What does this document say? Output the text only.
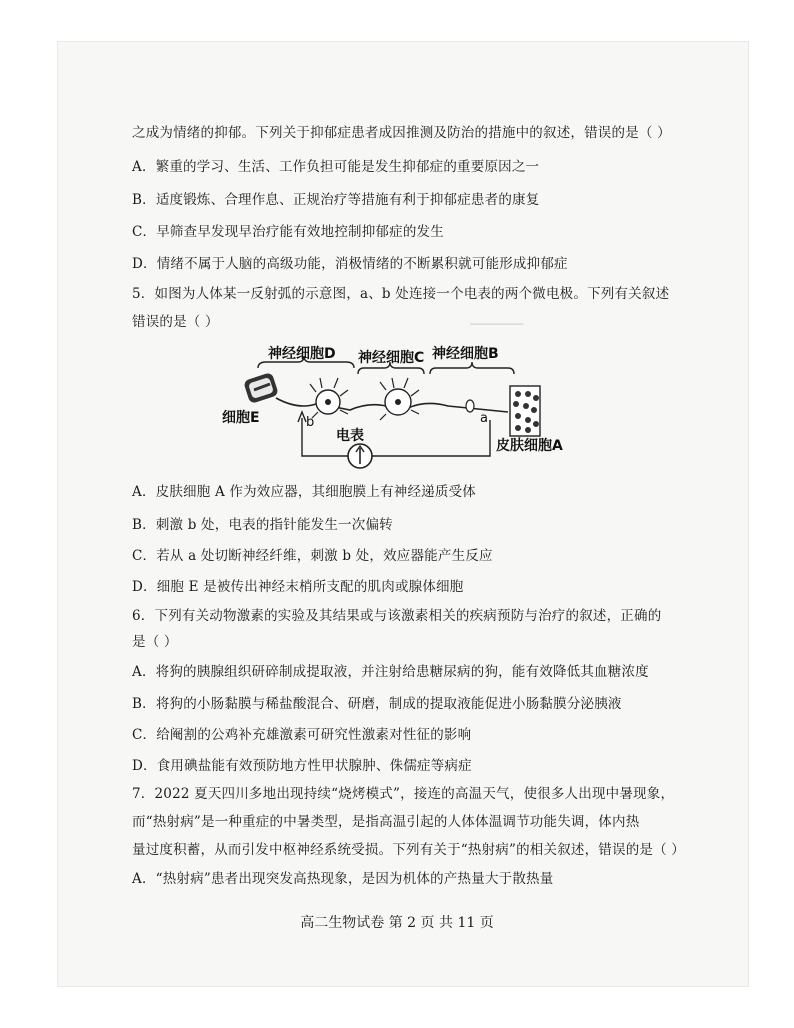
────────
之成为情绪的抑郁。下列关于抑郁症患者成因推测及防治的措施中的叙述，错误的是（ ）
A．繁重的学习、生活、工作负担可能是发生抑郁症的重要原因之一
B．适度锻炼、合理作息、正规治疗等措施有利于抑郁症患者的康复
C．早筛查早发现早治疗能有效地控制抑郁症的发生
D．情绪不属于人脑的高级功能，消极情绪的不断累积就可能形成抑郁症
5．如图为人体某一反射弧的示意图，a、b 处连接一个电表的两个微电极。下列有关叙述
错误的是（ ）
神经细胞D 神经细胞C 神经细胞B
细胞E
皮肤细胞A
b	a
电表
A．皮肤细胞 A 作为效应器，其细胞膜上有神经递质受体
B．刺激 b 处，电表的指针能发生一次偏转
C．若从 a 处切断神经纤维，刺激 b 处，效应器能产生反应
D．细胞 E 是被传出神经末梢所支配的肌肉或腺体细胞
6．下列有关动物激素的实验及其结果或与该激素相关的疾病预防与治疗的叙述，正确的
是（ ）
A．将狗的胰腺组织研碎制成提取液，并注射给患糖尿病的狗，能有效降低其血糖浓度
B．将狗的小肠黏膜与稀盐酸混合、研磨，制成的提取液能促进小肠黏膜分泌胰液
C．给阉割的公鸡补充雄激素可研究性激素对性征的影响
D．食用碘盐能有效预防地方性甲状腺肿、侏儒症等病症
7．2022 夏天四川多地出现持续“烧烤模式”，接连的高温天气，使很多人出现中暑现象，
而“热射病”是一种重症的中暑类型，是指高温引起的人体体温调节功能失调，体内热
量过度积蓄，从而引发中枢神经系统受损。下列有关于“热射病”的相关叙述，错误的是（ ）
A．“热射病”患者出现突发高热现象，是因为机体的产热量大于散热量
高二生物试卷 第 2 页 共 11 页
